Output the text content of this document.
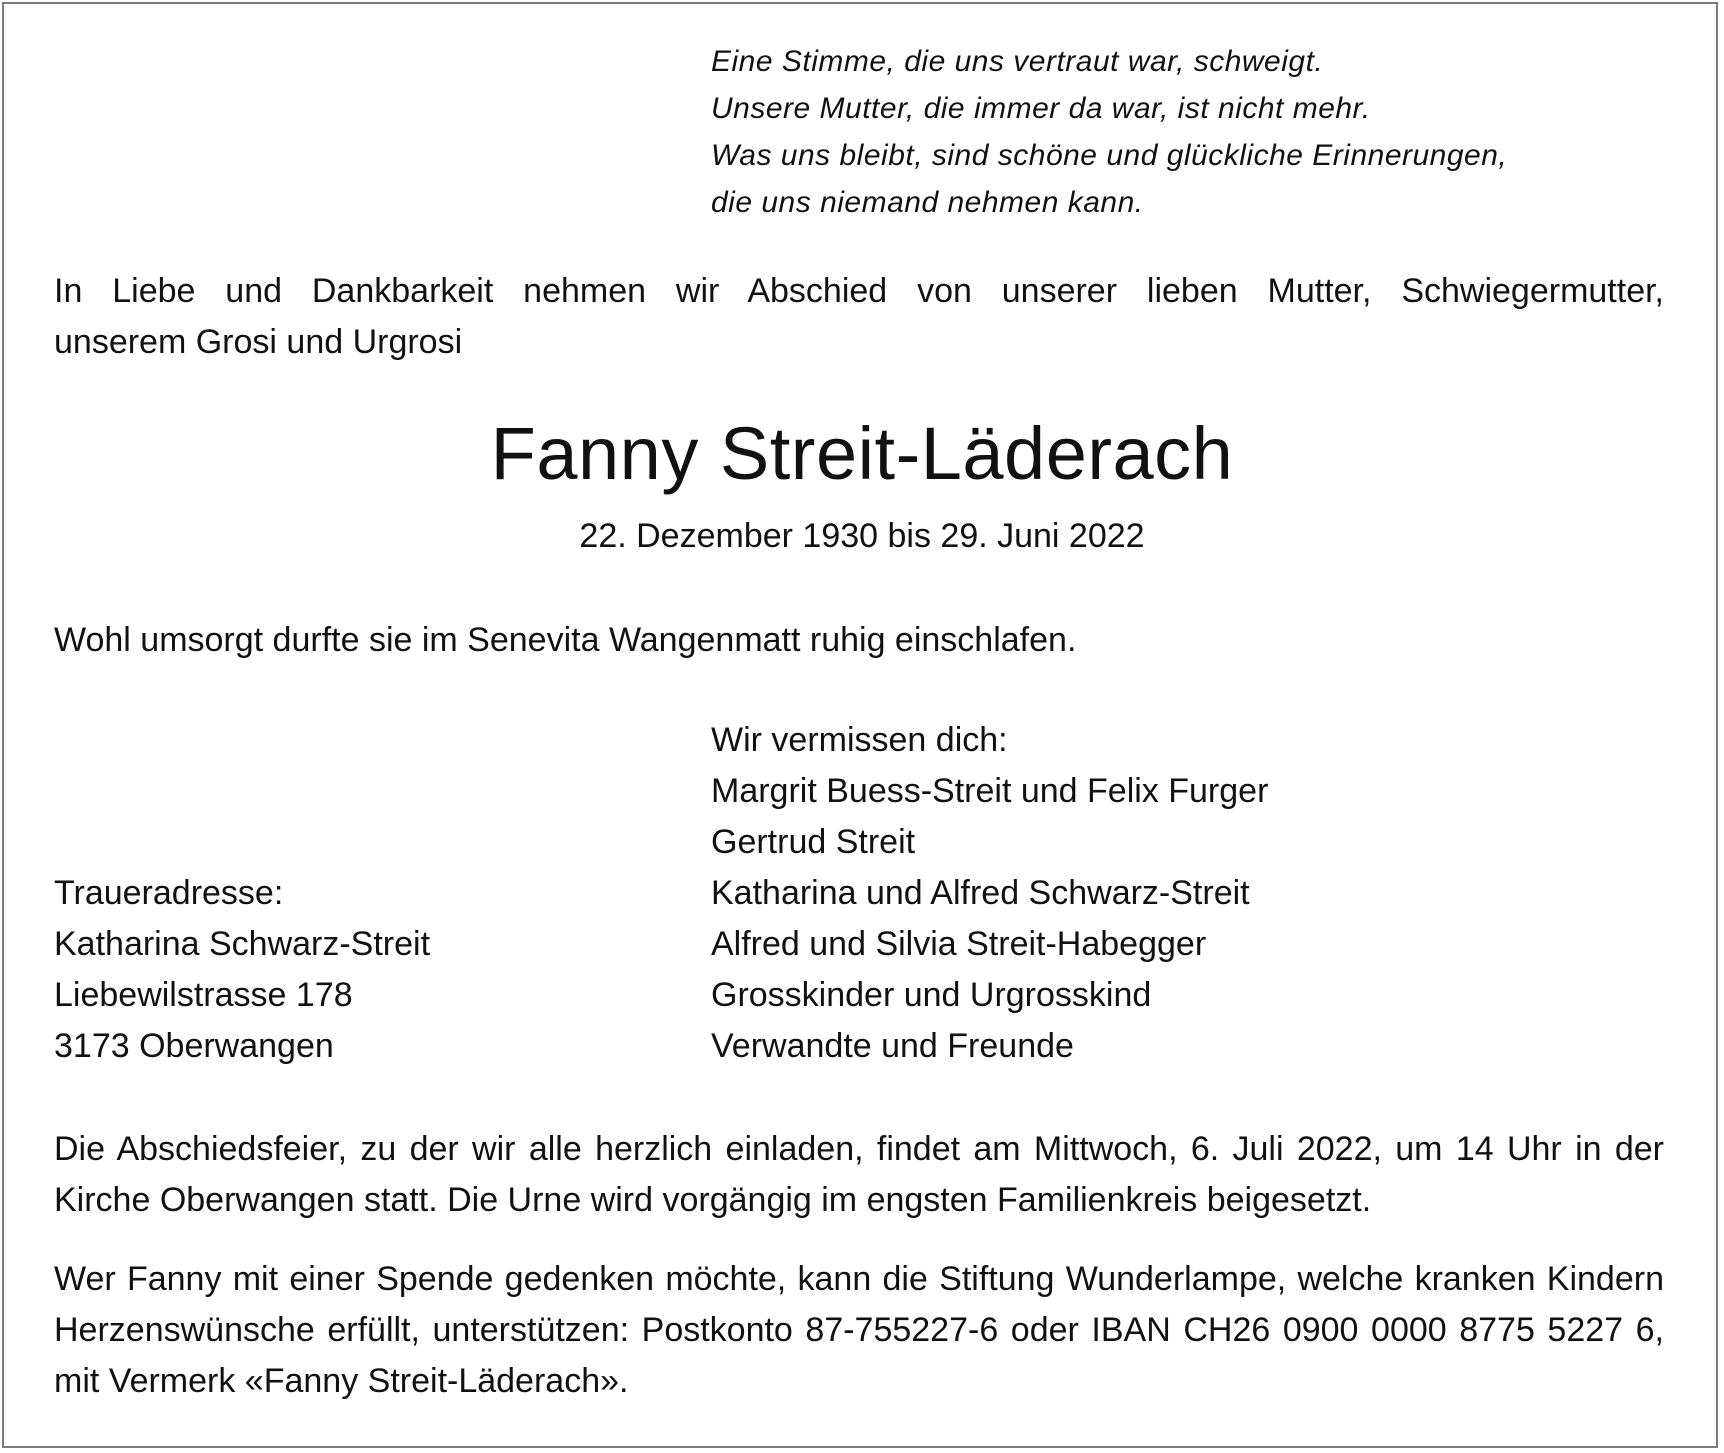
Eine Stimme, die uns vertraut war, schweigt.
Unsere Mutter, die immer da war, ist nicht mehr.
Was uns bleibt, sind schöne und glückliche Erinnerungen,
die uns niemand nehmen kann.
In Liebe und Dankbarkeit nehmen wir Abschied von unserer lieben Mutter, Schwiegermutter,
unserem Grosi und Urgrosi
Fanny Streit-Läderach
22. Dezember 1930 bis 29. Juni 2022
Wohl umsorgt durfte sie im Senevita Wangenmatt ruhig einschlafen.
Wir vermissen dich:
Margrit Buess-Streit und Felix Furger
Gertrud Streit
Katharina und Alfred Schwarz-Streit
Alfred und Silvia Streit-Habegger
Grosskinder und Urgrosskind
Verwandte und Freunde
Traueradresse:
Katharina Schwarz-Streit
Liebewilstrasse 178
3173 Oberwangen
Die Abschiedsfeier, zu der wir alle herzlich einladen, findet am Mittwoch, 6. Juli 2022, um 14 Uhr in der Kirche Oberwangen statt. Die Urne wird vorgängig im engsten Familienkreis beigesetzt.
Wer Fanny mit einer Spende gedenken möchte, kann die Stiftung Wunderlampe, welche kranken Kindern Herzenswünsche erfüllt, unterstützen: Postkonto 87-755227-6 oder IBAN CH26 0900 0000 8775 5227 6, mit Vermerk «Fanny Streit-Läderach».
